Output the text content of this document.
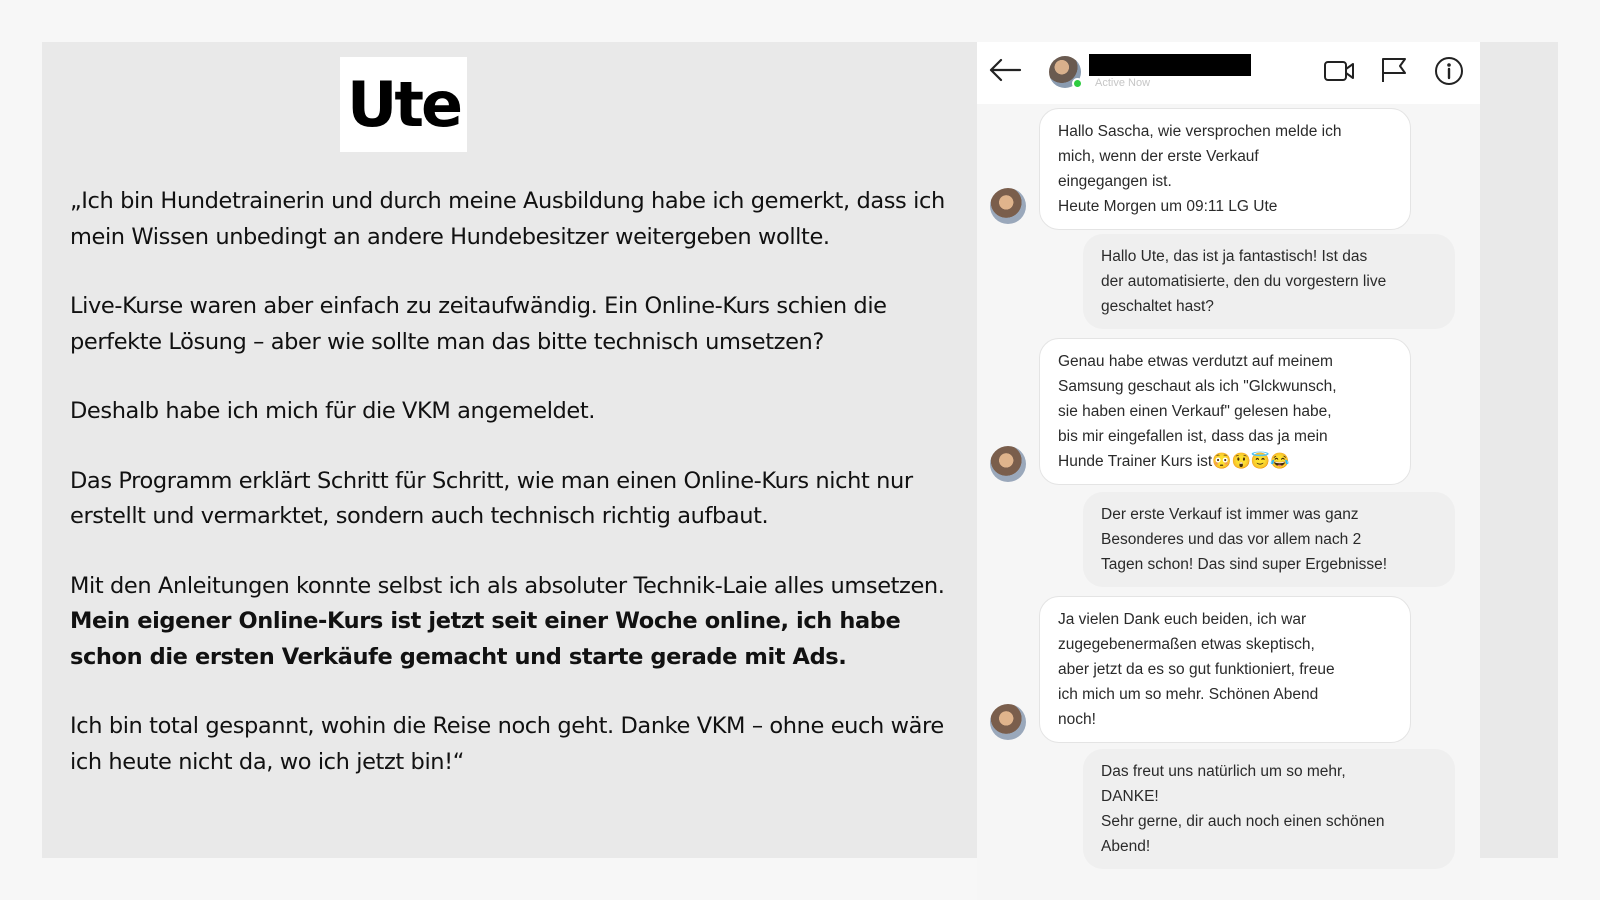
Ute

„Ich bin Hundetrainerin und durch meine Ausbildung habe ich gemerkt, dass ich mein Wissen unbedingt an andere Hundebesitzer weitergeben wollte.

Live-Kurse waren aber einfach zu zeitaufwändig. Ein Online-Kurs schien die perfekte Lösung – aber wie sollte man das bitte technisch umsetzen?

Deshalb habe ich mich für die VKM angemeldet.

Das Programm erklärt Schritt für Schritt, wie man einen Online-Kurs nicht nur erstellt und vermarktet, sondern auch technisch richtig aufbaut.

Mit den Anleitungen konnte selbst ich als absoluter Technik-Laie alles umsetzen. Mein eigener Online-Kurs ist jetzt seit einer Woche online, ich habe schon die ersten Verkäufe gemacht und starte gerade mit Ads.

Ich bin total gespannt, wohin die Reise noch geht. Danke VKM – ohne euch wäre ich heute nicht da, wo ich jetzt bin!“

Active Now
Hallo Sascha, wie versprochen melde ich
mich, wenn der erste Verkauf
eingegangen ist.
Heute Morgen um 09:11 LG Ute
Hallo Ute, das ist ja fantastisch! Ist das
der automatisierte, den du vorgestern live
geschaltet hast?
Genau habe etwas verdutzt auf meinem
Samsung geschaut als ich "Glckwunsch,
sie haben einen Verkauf" gelesen habe,
bis mir eingefallen ist, dass das ja mein
Hunde Trainer Kurs ist😳😲😇😂
Der erste Verkauf ist immer was ganz
Besonderes und das vor allem nach 2
Tagen schon! Das sind super Ergebnisse!
Ja vielen Dank euch beiden, ich war
zugegebenermaßen etwas skeptisch,
aber jetzt da es so gut funktioniert, freue
ich mich um so mehr. Schönen Abend
noch!
Das freut uns natürlich um so mehr,
DANKE!
Sehr gerne, dir auch noch einen schönen
Abend!
